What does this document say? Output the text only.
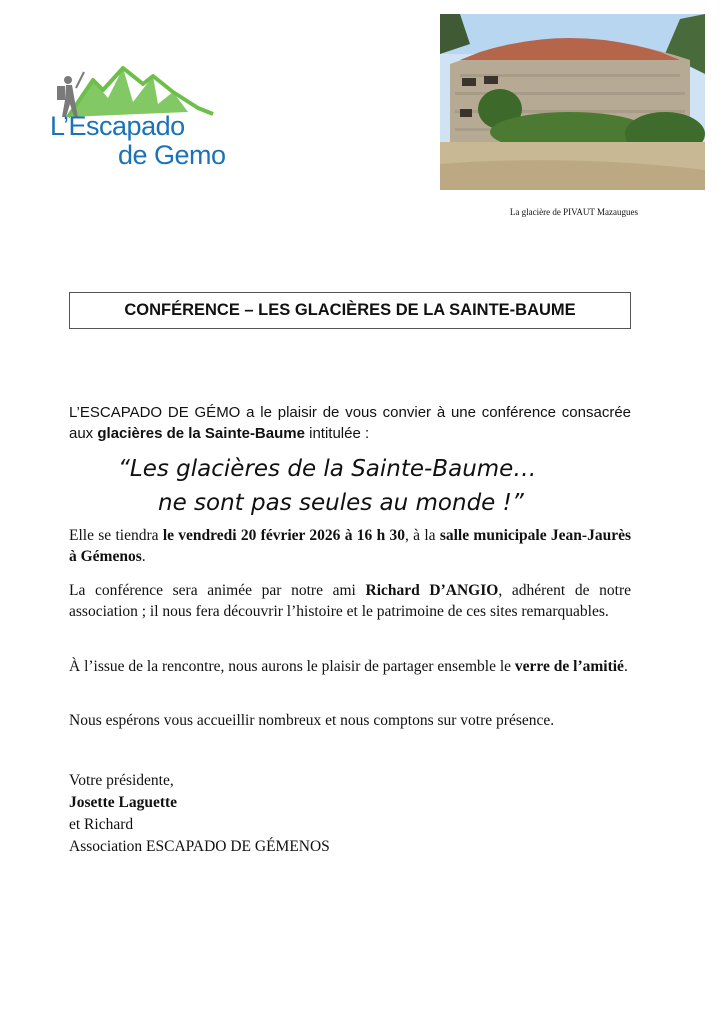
L’Escapado
de Gemo
La glacière de PIVAUT Mazaugues
CONFÉRENCE – LES GLACIÈRES DE LA SAINTE-BAUME
L’ESCAPADO DE GÉMO a le plaisir de vous convier à une conférence consacrée aux glacières de la Sainte-Baume intitulée :
“Les glacières de la Sainte-Baume…
ne sont pas seules au monde !”
Elle se tiendra le vendredi 20 février 2026 à 16 h 30, à la salle municipale Jean-Jaurès à Gémenos.
La conférence sera animée par notre ami Richard D’ANGIO, adhérent de notre association ; il nous fera découvrir l’histoire et le patrimoine de ces sites remarquables.
À l’issue de la rencontre, nous aurons le plaisir de partager ensemble le verre de l’amitié.
Nous espérons vous accueillir nombreux et nous comptons sur votre présence.
Votre présidente,
Josette Laguette
et Richard
Association ESCAPADO DE GÉMENOS
